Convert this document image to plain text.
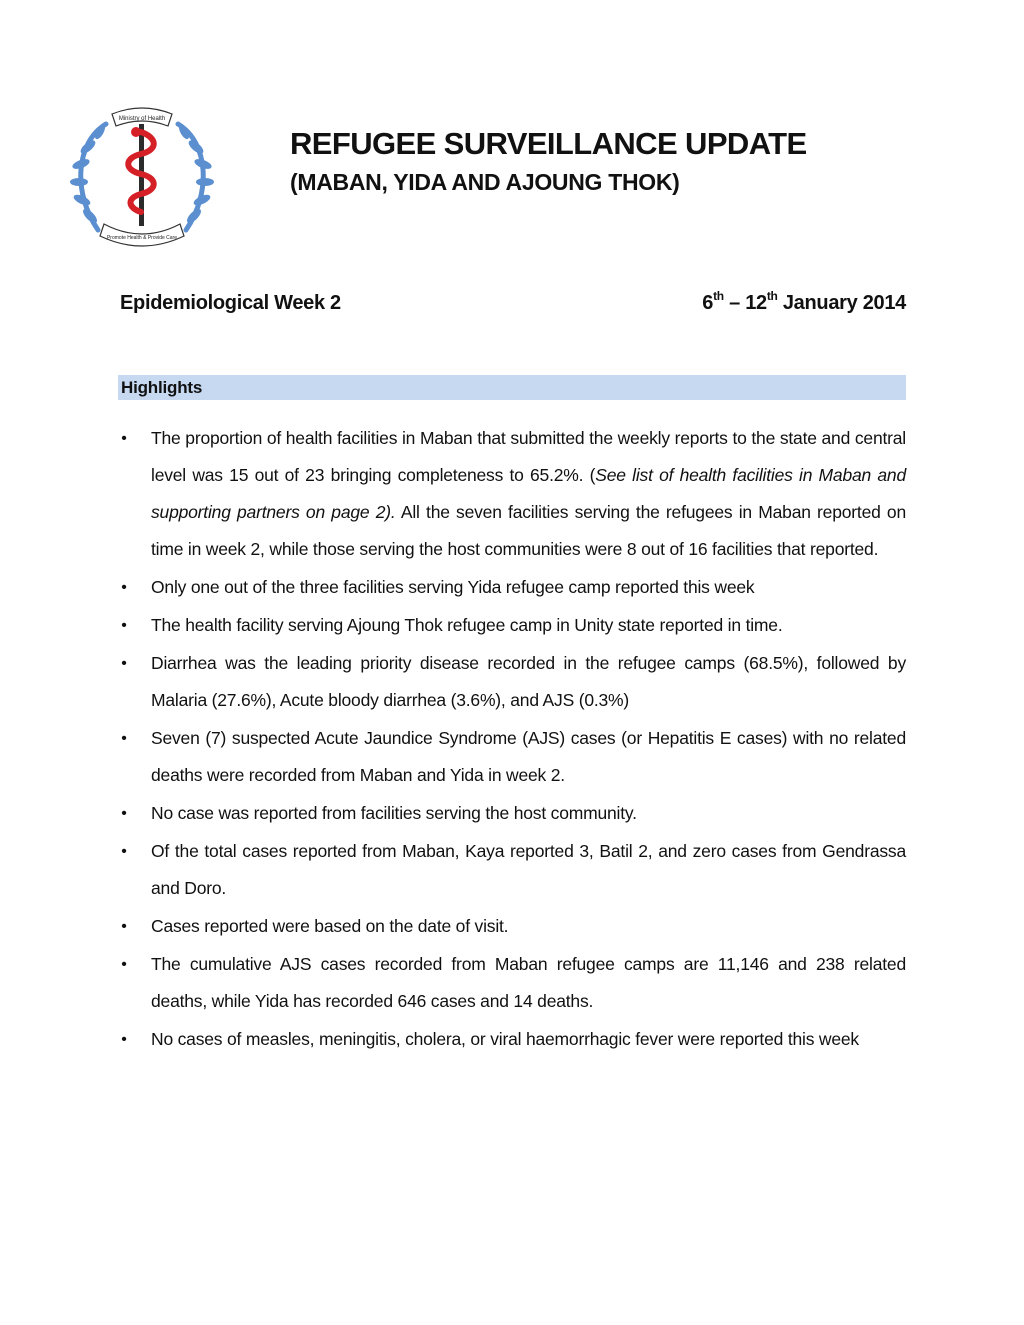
Ministry of Health
Promote Health & Provide Care
REFUGEE SURVEILLANCE UPDATE
(MABAN, YIDA AND AJOUNG THOK)
Epidemiological Week 2	6th – 12th January 2014
Highlights
• The proportion of health facilities in Maban that submitted the weekly reports to the state and central level was 15 out of 23 bringing completeness to 65.2%. (See list of health facilities in Maban and supporting partners on page 2). All the seven facilities serving the refugees in Maban reported on time in week 2, while those serving the host communities were 8 out of 16 facilities that reported.
• Only one out of the three facilities serving Yida refugee camp reported this week
• The health facility serving Ajoung Thok refugee camp in Unity state reported in time.
• Diarrhea was the leading priority disease recorded in the refugee camps (68.5%), followed by Malaria (27.6%), Acute bloody diarrhea (3.6%), and AJS (0.3%)
• Seven (7) suspected Acute Jaundice Syndrome (AJS) cases (or Hepatitis E cases) with no related deaths were recorded from Maban and Yida in week 2.
• No case was reported from facilities serving the host community.
• Of the total cases reported from Maban, Kaya reported 3, Batil 2, and zero cases from Gendrassa and Doro.
• Cases reported were based on the date of visit.
• The cumulative AJS cases recorded from Maban refugee camps are 11,146 and 238 related deaths, while Yida has recorded 646 cases and 14 deaths.
• No cases of measles, meningitis, cholera, or viral haemorrhagic fever were reported this week
